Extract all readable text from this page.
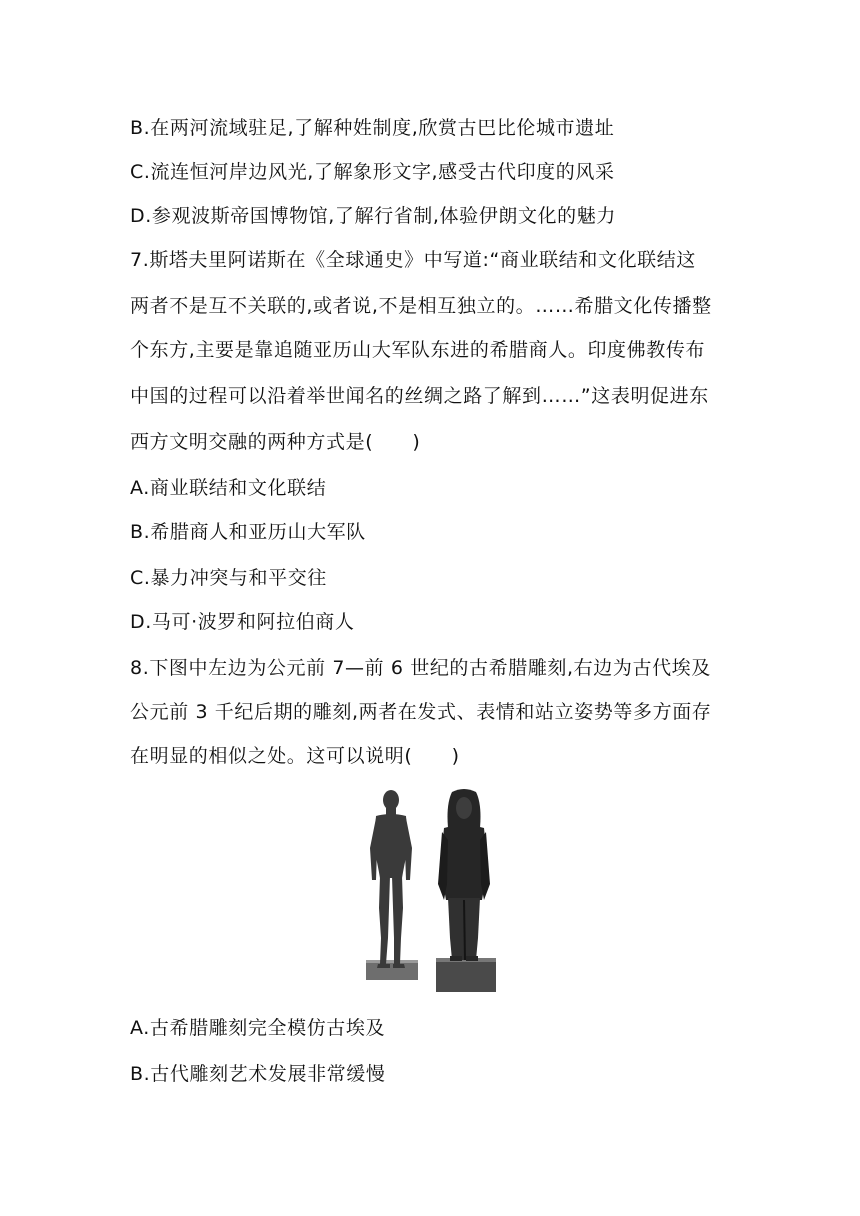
B.在两河流域驻足,了解种姓制度,欣赏古巴比伦城市遗址
C.流连恒河岸边风光,了解象形文字,感受古代印度的风采
D.参观波斯帝国博物馆,了解行省制,体验伊朗文化的魅力
7.斯塔夫里阿诺斯在《全球通史》中写道:“商业联结和文化联结这
两者不是互不关联的,或者说,不是相互独立的。……希腊文化传播整
个东方,主要是靠追随亚历山大军队东进的希腊商人。印度佛教传布
中国的过程可以沿着举世闻名的丝绸之路了解到……”这表明促进东
西方文明交融的两种方式是(　　)
A.商业联结和文化联结
B.希腊商人和亚历山大军队
C.暴力冲突与和平交往
D.马可·波罗和阿拉伯商人
8.下图中左边为公元前 7—前 6 世纪的古希腊雕刻,右边为古代埃及
公元前 3 千纪后期的雕刻,两者在发式、表情和站立姿势等多方面存
在明显的相似之处。这可以说明(　　)
A.古希腊雕刻完全模仿古埃及
B.古代雕刻艺术发展非常缓慢
